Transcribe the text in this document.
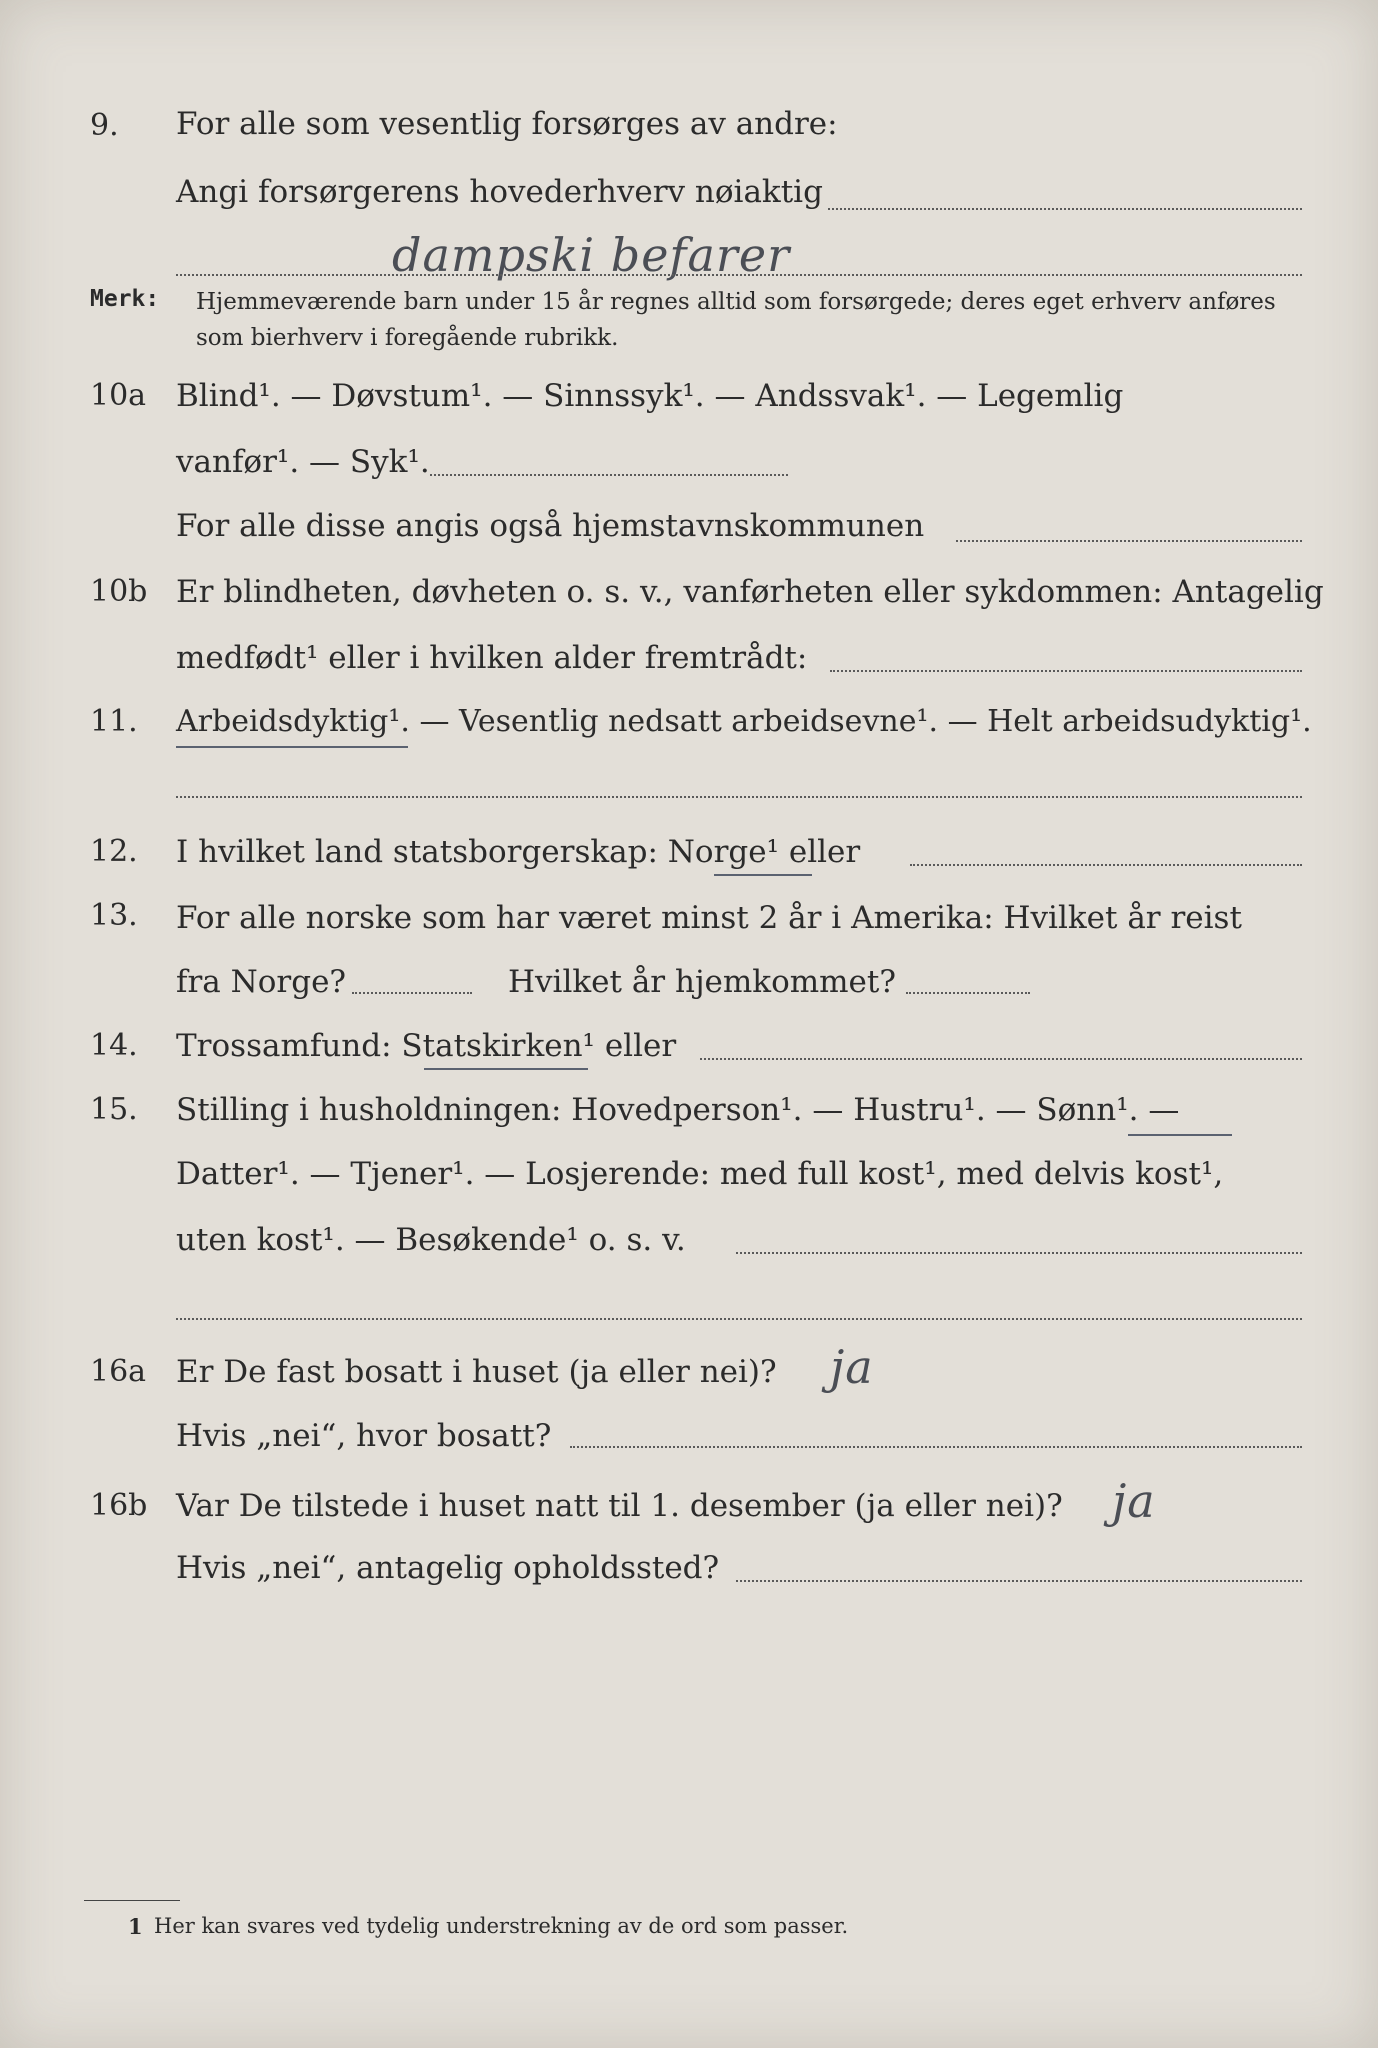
9. For alle som vesentlig forsørges av andre:
Angi forsørgerens hovederhverv nøiaktig
dampski befarer
Merk: Hjemmeværende barn under 15 år regnes alltid som forsørgede; deres eget erhverv anføres som bierhverv i foregående rubrikk.
10a Blind¹. — Døvstum¹. — Sinnssyk¹. — Andssvak¹. — Legemlig
vanfør¹. — Syk¹.
For alle disse angis også hjemstavnskommunen
10b Er blindheten, døvheten o. s. v., vanførheten eller sykdommen: Antagelig
medfødt¹ eller i hvilken alder fremtrådt:
11. Arbeidsdyktig¹. — Vesentlig nedsatt arbeidsevne¹. — Helt arbeidsudyktig¹.
12. I hvilket land statsborgerskap: Norge¹ eller
13. For alle norske som har været minst 2 år i Amerika: Hvilket år reist
fra Norge?	Hvilket år hjemkommet?
14. Trossamfund: Statskirken¹ eller
15. Stilling i husholdningen: Hovedperson¹. — Hustru¹. — Sønn¹. —
Datter¹. — Tjener¹. — Losjerende: med full kost¹, med delvis kost¹,
uten kost¹. — Besøkende¹ o. s. v.
16a Er De fast bosatt i huset (ja eller nei)? ja
Hvis „nei“, hvor bosatt?
16b Var De tilstede i huset natt til 1. desember (ja eller nei)? ja
Hvis „nei“, antagelig opholdssted?
1 Her kan svares ved tydelig understrekning av de ord som passer.
